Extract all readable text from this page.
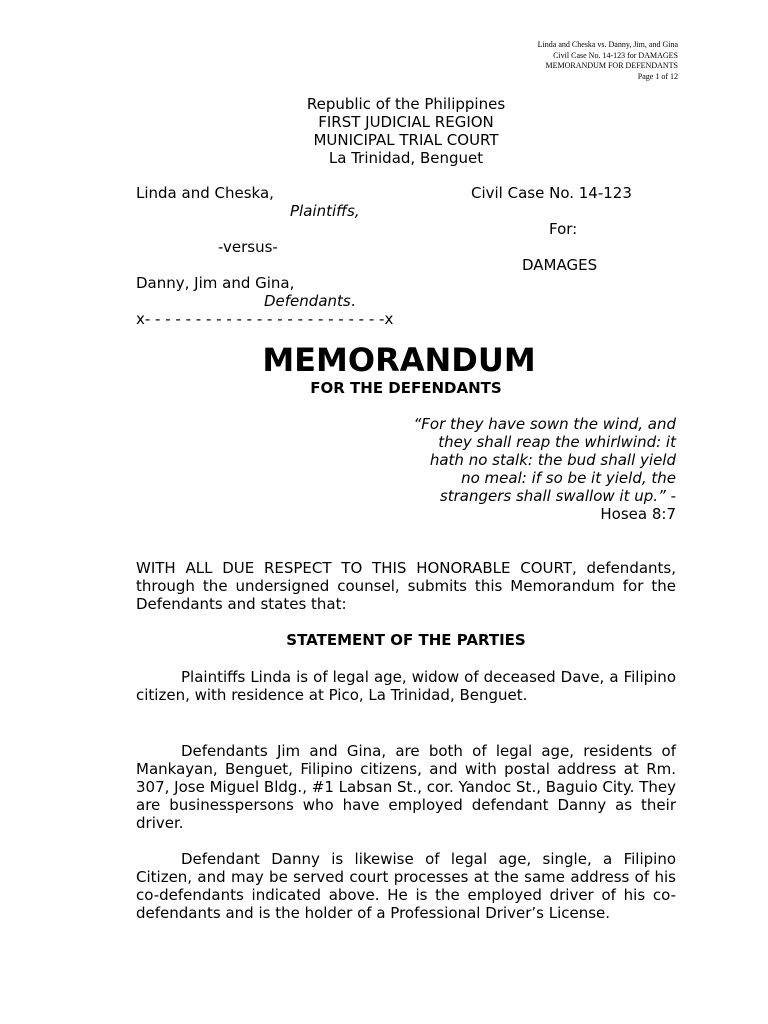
Linda and Cheska vs. Danny, Jim, and Gina
Civil Case No. 14-123 for DAMAGES
MEMORANDUM FOR DEFENDANTS
Page 1 of 12
Republic of the Philippines
FIRST JUDICIAL REGION
MUNICIPAL TRIAL COURT
La Trinidad, Benguet
Linda and Cheska,
Plaintiffs,
-versus-
Danny, Jim and Gina,
Defendants.
x- - - - - - - - - - - - - - - - - - - - - - - -x
Civil Case No. 14-123
For:
DAMAGES
MEMORANDUM
FOR THE DEFENDANTS
“For they have sown the wind, and they shall reap the whirlwind: it hath no stalk: the bud shall yield no meal: if so be it yield, the strangers shall swallow it up.” - Hosea 8:7
WITH ALL DUE RESPECT TO THIS HONORABLE COURT, defendants, through the undersigned counsel, submits this Memorandum for the Defendants and states that:
STATEMENT OF THE PARTIES
Plaintiffs Linda is of legal age, widow of deceased Dave, a Filipino citizen, with residence at Pico, La Trinidad, Benguet.
Defendants Jim and Gina, are both of legal age, residents of Mankayan, Benguet, Filipino citizens, and with postal address at Rm. 307, Jose Miguel Bldg., #1 Labsan St., cor. Yandoc St., Baguio City. They are businesspersons who have employed defendant Danny as their driver.
Defendant Danny is likewise of legal age, single, a Filipino Citizen, and may be served court processes at the same address of his co-defendants indicated above. He is the employed driver of his co-defendants and is the holder of a Professional Driver’s License.
